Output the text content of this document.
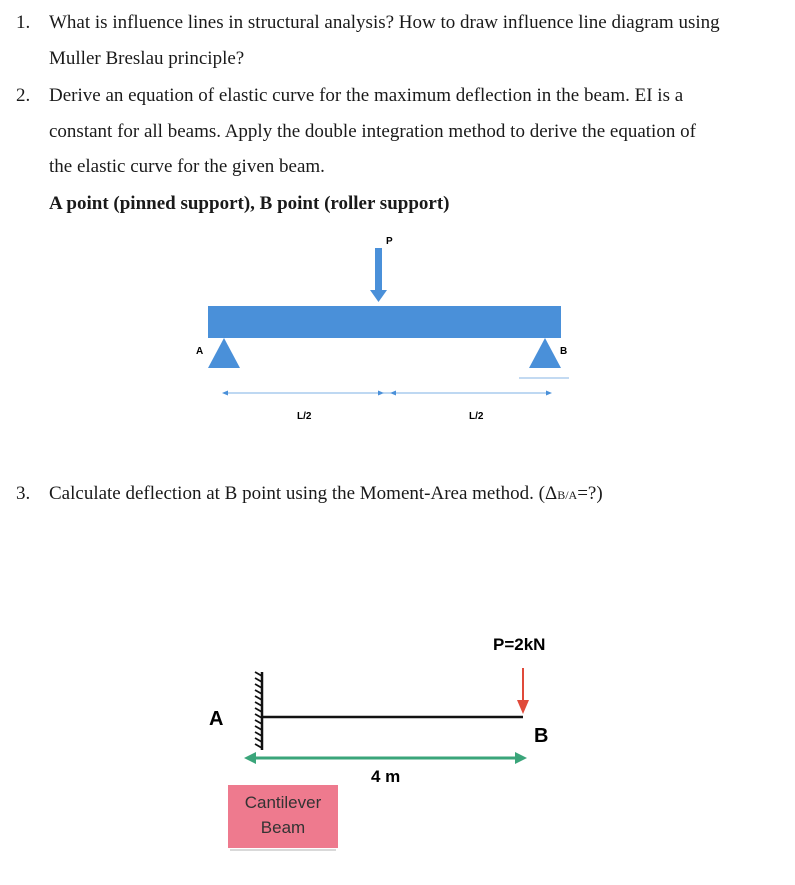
1. What is influence lines in structural analysis? How to draw influence line diagram using
Muller Breslau principle?
2. Derive an equation of elastic curve for the maximum deflection in the beam. EI is a
constant for all beams. Apply the double integration method to derive the equation of
the elastic curve for the given beam.
A point (pinned support), B point (roller support)
P
A	B
L/2	L/2
3. Calculate deflection at B point using the Moment-Area method. (ΔB/A=?)
P=2kN
A
B
4 m
Cantilever
Beam
